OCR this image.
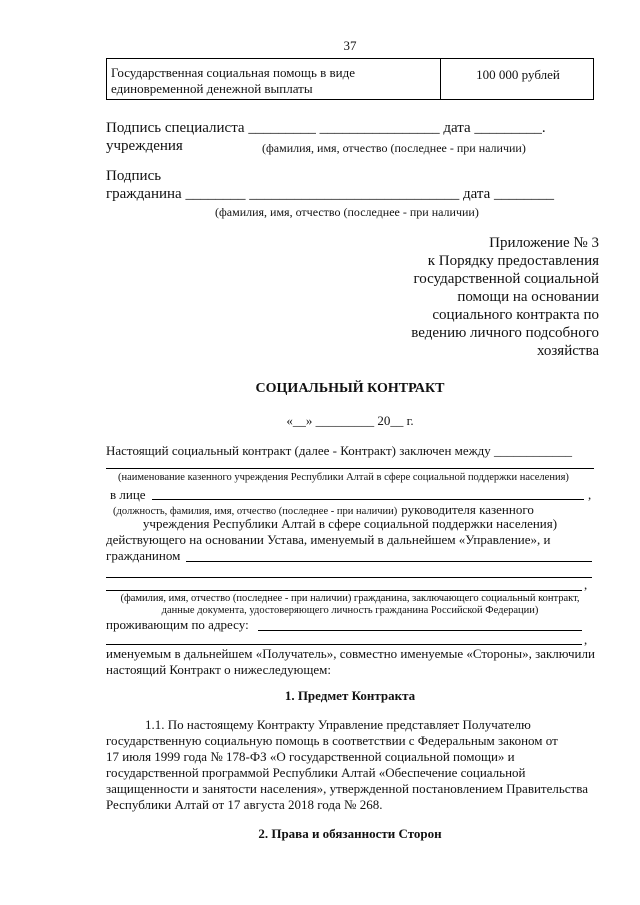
37
Государственная социальная помощь в виде
единовременной денежной выплаты
100 000 рублей
Подпись специалиста _________ ________________ дата _________.
учреждения	(фамилия, имя, отчество (последнее - при наличии)
Подпись
гражданина ________ ____________________________ дата ________
(фамилия, имя, отчество (последнее - при наличии)
Приложение № 3
к Порядку предоставления
государственной социальной
помощи на основании
социального контракта по
ведению личного подсобного
хозяйства
СОЦИАЛЬНЫЙ КОНТРАКТ
«__» _________ 20__ г.
Настоящий социальный контракт (далее - Контракт) заключен между ____________
(наименование казенного учреждения Республики Алтай в сфере социальной поддержки населения)
в лице	,
(должность, фамилия, имя, отчество (последнее - при наличии) руководителя казенного
учреждения Республики Алтай в сфере социальной поддержки населения)
действующего на основании Устава, именуемый в дальнейшем «Управление», и
гражданином
,
(фамилия, имя, отчество (последнее - при наличии) гражданина, заключающего социальный контракт,
данные документа, удостоверяющего личность гражданина Российской Федерации)
проживающим по адресу:
,
именуемым в дальнейшем «Получатель», совместно именуемые «Стороны», заключили
настоящий Контракт о нижеследующем:
1. Предмет Контракта
1.1. По настоящему Контракту Управление представляет Получателю
государственную социальную помощь в соответствии с Федеральным законом от
17 июля 1999 года № 178-ФЗ «О государственной социальной помощи» и
государственной программой Республики Алтай «Обеспечение социальной
защищенности и занятости населения», утвержденной постановлением Правительства
Республики Алтай от 17 августа 2018 года № 268.
2. Права и обязанности Сторон
